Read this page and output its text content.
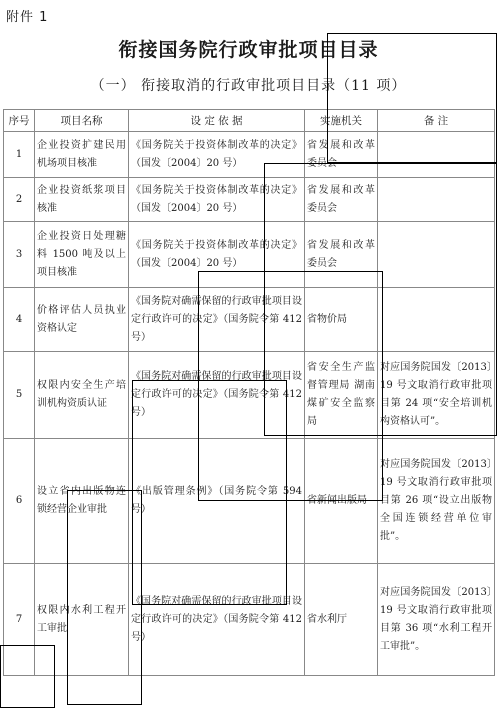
附件 1
衔接国务院行政审批项目目录
（一） 衔接取消的行政审批项目目录（11 项）
序号	项目名称	设 定 依 据	实施机关	备 注
1	企业投资扩建民用机场项目核准	《国务院关于投资体制改革的决定》（国发〔2004〕20 号）	省发展和改革委员会	
2	企业投资纸浆项目核准	《国务院关于投资体制改革的决定》（国发〔2004〕20 号）	省发展和改革委员会	
3	企业投资日处理糖料 1500 吨及以上项目核准	《国务院关于投资体制改革的决定》（国发〔2004〕20 号）	省发展和改革委员会	
4	价格评估人员执业资格认定	《国务院对确需保留的行政审批项目设定行政许可的决定》（国务院令第 412 号）	省物价局	
5	权限内安全生产培训机构资质认证	《国务院对确需保留的行政审批项目设定行政许可的决定》（国务院令第 412 号）	省安全生产监督管理局 湖南煤矿安全监察局	对应国务院国发〔2013〕19 号文取消行政审批项目第 24 项“安全培训机构资格认可”。
6	设立省内出版物连锁经营企业审批	《出版管理条例》（国务院令第 594 号）	省新闻出版局	对应国务院国发〔2013〕19 号文取消行政审批项目第 26 项“设立出版物全国连锁经营单位审批”。
7	权限内水利工程开工审批	《国务院对确需保留的行政审批项目设定行政许可的决定》（国务院令第 412 号）	省水利厅	对应国务院国发〔2013〕19 号文取消行政审批项目第 36 项“水利工程开工审批”。
